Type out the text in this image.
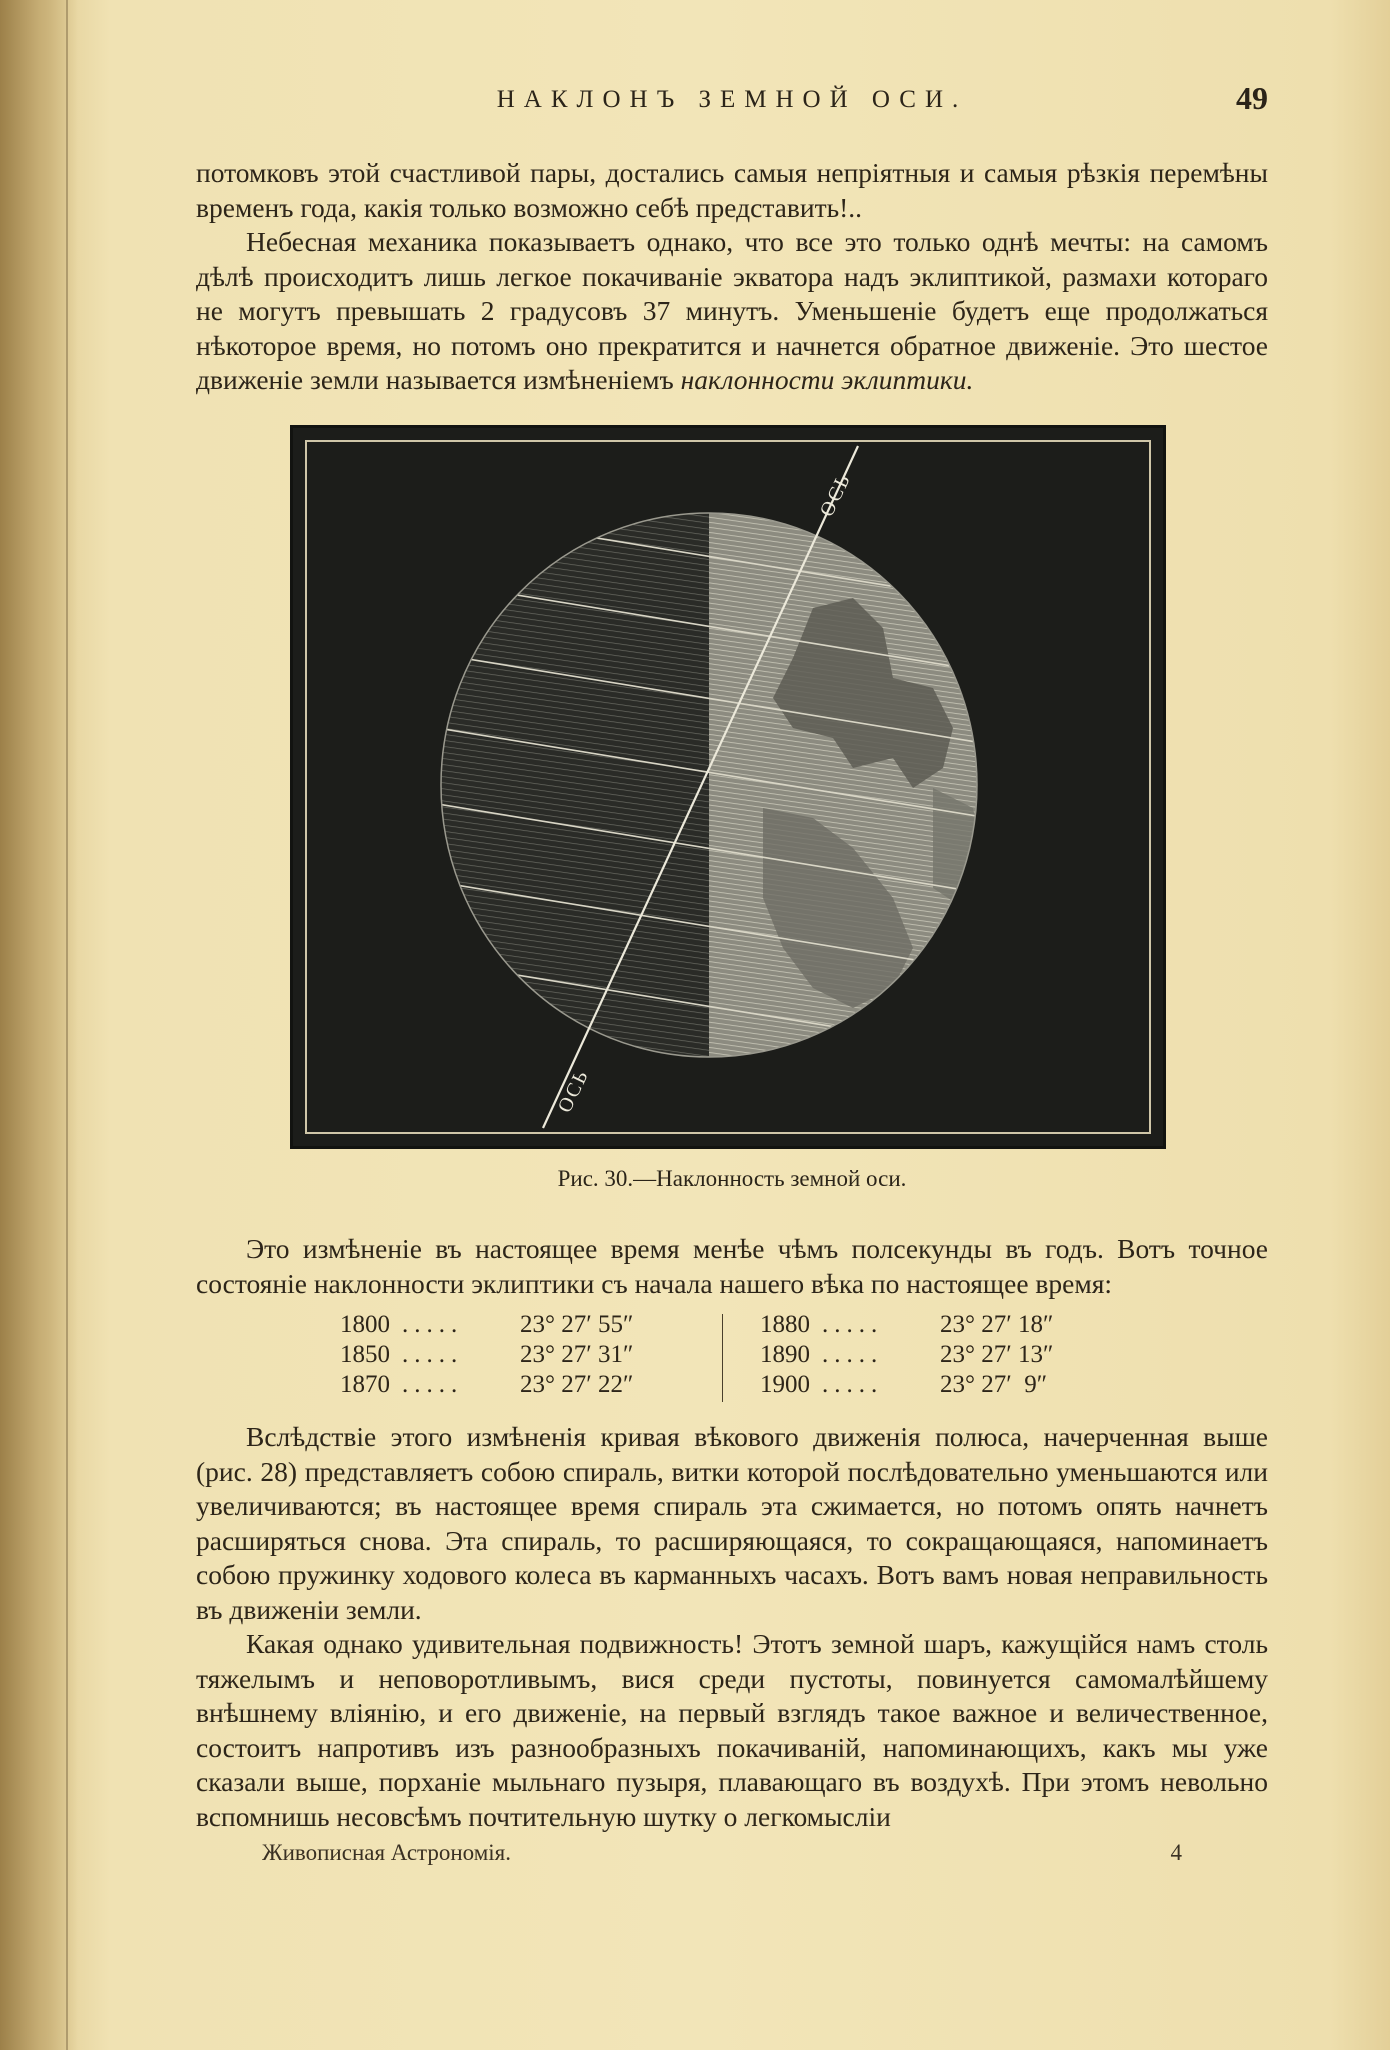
НАКЛОНЪ ЗЕМНОЙ ОСИ.	49

потомковъ этой счастливой пары, достались самыя непріятныя и самыя рѣзкія перемѣны временъ года, какія только возможно себѣ представить!..

Небесная механика показываетъ однако, что все это только однѣ мечты: на самомъ дѣлѣ происходитъ лишь легкое покачиваніе экватора надъ эклиптикой, размахи котораго не могутъ превышать 2 градусовъ 37 минутъ. Уменьшеніе будетъ еще продолжаться нѣкоторое время, но потомъ оно прекратится и начнется обратное движеніе. Это шестое движеніе земли называется измѣненіемъ наклонности эклиптики.

ОСЬ
ОСЬ
Рис. 30.—Наклонность земной оси.

Это измѣненіе въ настоящее время менѣе чѣмъ полсекунды въ годъ. Вотъ точное состояніе наклонности эклиптики съ начала нашего вѣка по настоящее время:

1800 .....	23° 27′ 55″
1850 .....	23° 27′ 31″
1870 .....	23° 27′ 22″
1880 .....	23° 27′ 18″
1890 .....	23° 27′ 13″
1900 .....	23° 27′  9″

Вслѣдствіе этого измѣненія кривая вѣкового движенія полюса, начерченная выше (рис. 28) представляетъ собою спираль, витки которой послѣдовательно уменьшаются или увеличиваются; въ настоящее время спираль эта сжимается, но потомъ опять начнетъ расширяться снова. Эта спираль, то расширяющаяся, то сокращающаяся, напоминаетъ собою пружинку ходового колеса въ карманныхъ часахъ. Вотъ вамъ новая неправильность въ движеніи земли.

Какая однако удивительная подвижность! Этотъ земной шаръ, кажущійся намъ столь тяжелымъ и неповоротливымъ, вися среди пустоты, повинуется самомалѣйшему внѣшнему вліянію, и его движеніе, на первый взглядъ такое важное и величественное, состоитъ напротивъ изъ разнообразныхъ покачиваній, напоминающихъ, какъ мы уже сказали выше, порханіе мыльнаго пузыря, плавающаго въ воздухѣ. При этомъ невольно вспомнишь несовсѣмъ почтительную шутку о легкомысліи

Живописная Астрономія.	4
